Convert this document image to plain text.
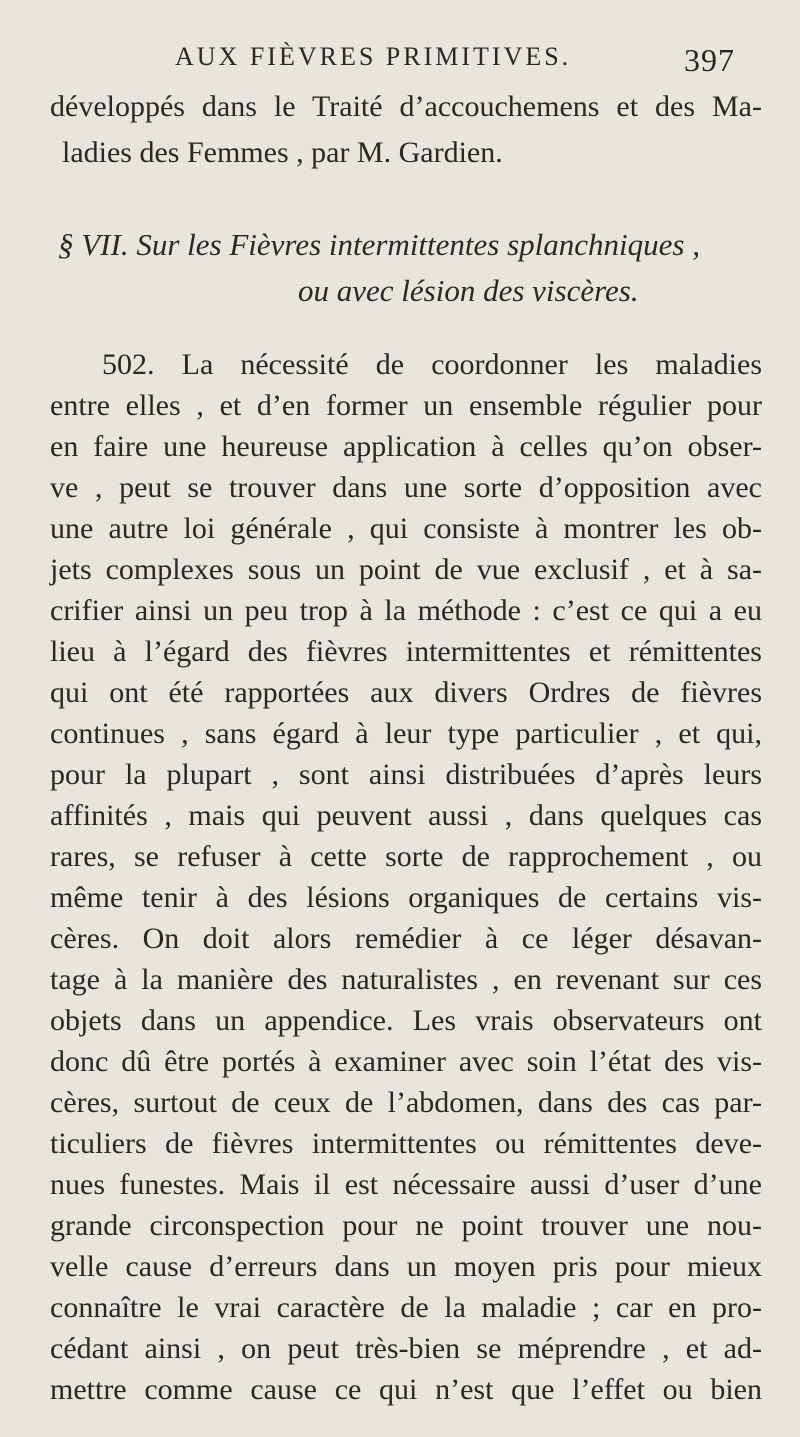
AUX FIÈVRES PRIMITIVES.	397
développés dans le Traité d’accouchemens et des Ma-
ladies des Femmes , par M. Gardien.
§ VII. Sur les Fièvres intermittentes splanchniques ,
ou avec lésion des viscères.
502. La nécessité de coordonner les maladies
entre elles , et d’en former un ensemble régulier pour
en faire une heureuse application à celles qu’on obser-
ve , peut se trouver dans une sorte d’opposition avec
une autre loi générale , qui consiste à montrer les ob-
jets complexes sous un point de vue exclusif , et à sa-
crifier ainsi un peu trop à la méthode : c’est ce qui a eu
lieu à l’égard des fièvres intermittentes et rémittentes
qui ont été rapportées aux divers Ordres de fièvres
continues , sans égard à leur type particulier , et qui,
pour la plupart , sont ainsi distribuées d’après leurs
affinités , mais qui peuvent aussi , dans quelques cas
rares, se refuser à cette sorte de rapprochement , ou
même tenir à des lésions organiques de certains vis-
cères. On doit alors remédier à ce léger désavan-
tage à la manière des naturalistes , en revenant sur ces
objets dans un appendice. Les vrais observateurs ont
donc dû être portés à examiner avec soin l’état des vis-
cères, surtout de ceux de l’abdomen, dans des cas par-
ticuliers de fièvres intermittentes ou rémittentes deve-
nues funestes. Mais il est nécessaire aussi d’user d’une
grande circonspection pour ne point trouver une nou-
velle cause d’erreurs dans un moyen pris pour mieux
connaître le vrai caractère de la maladie ; car en pro-
cédant ainsi , on peut très-bien se méprendre , et ad-
mettre comme cause ce qui n’est que l’effet ou bien
